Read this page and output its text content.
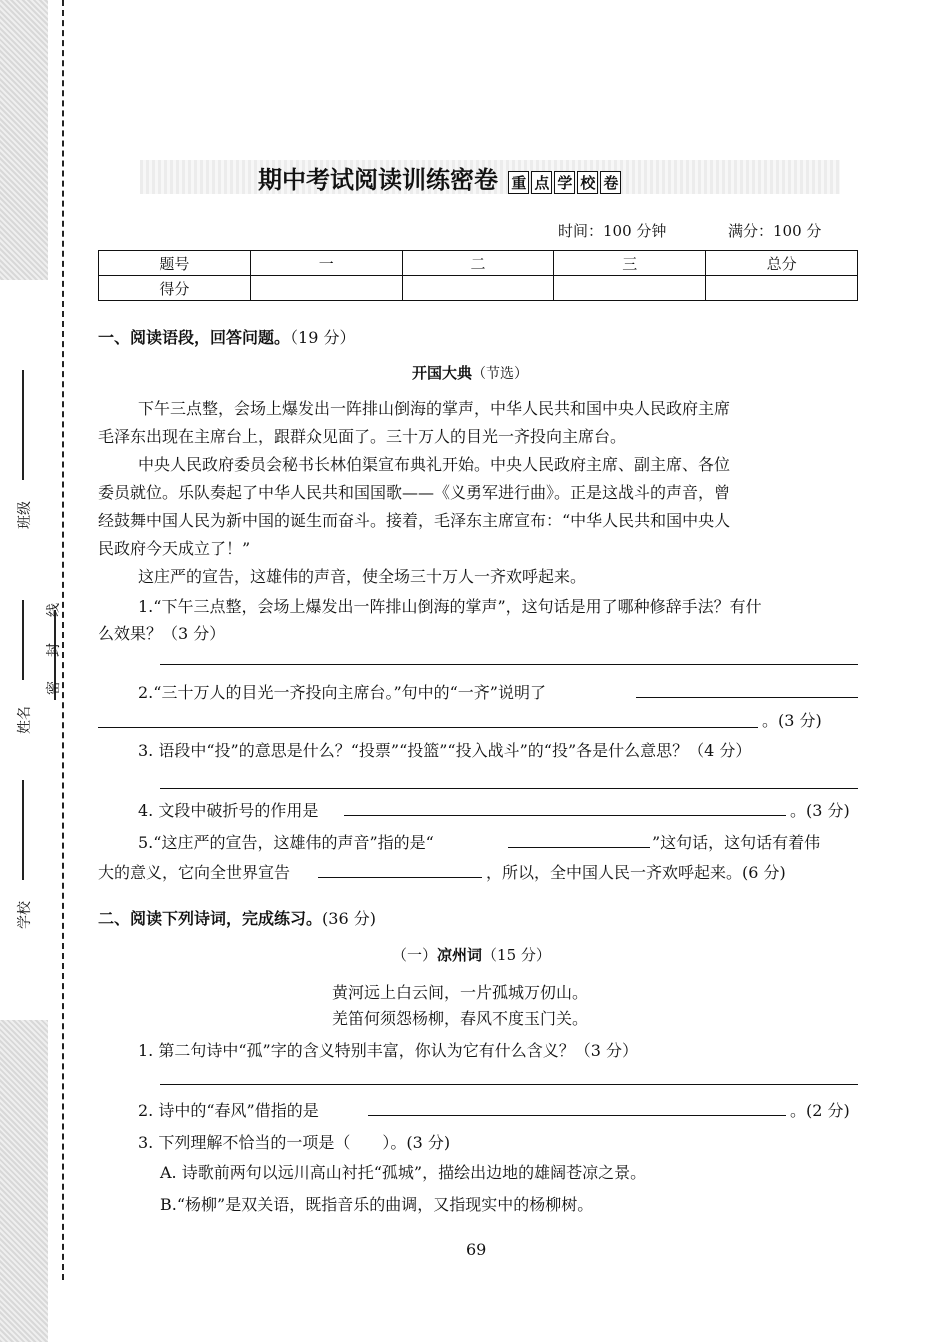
班级
姓名
学校
线
封
密
期中考试阅读训练密卷 重 点 学 校 卷
时间：100 分钟	满分：100 分
题号	一	二	三	总分
得分				
一、阅读语段，回答问题。（19 分）
开国大典（节选）
下午三点整，会场上爆发出一阵排山倒海的掌声，中华人民共和国中央人民政府主席
毛泽东出现在主席台上，跟群众见面了。三十万人的目光一齐投向主席台。
中央人民政府委员会秘书长林伯渠宣布典礼开始。中央人民政府主席、副主席、各位
委员就位。乐队奏起了中华人民共和国国歌——《义勇军进行曲》。正是这战斗的声音，曾
经鼓舞中国人民为新中国的诞生而奋斗。接着，毛泽东主席宣布：“中华人民共和国中央人
民政府今天成立了！”
这庄严的宣告，这雄伟的声音，使全场三十万人一齐欢呼起来。
1.“下午三点整，会场上爆发出一阵排山倒海的掌声”，这句话是用了哪种修辞手法？有什
么效果？（3 分）
2.“三十万人的目光一齐投向主席台。”句中的“一齐”说明了
。(3 分)
3. 语段中“投”的意思是什么？“投票”“投篮”“投入战斗”的“投”各是什么意思？（4 分）
4. 文段中破折号的作用是	。(3 分)
5.“这庄严的宣告，这雄伟的声音”指的是“	”这句话，这句话有着伟
大的意义，它向全世界宣告	，所以，全中国人民一齐欢呼起来。(6 分)
二、阅读下列诗词，完成练习。(36 分)
（一）凉州词（15 分）
黄河远上白云间，一片孤城万仞山。
羌笛何须怨杨柳，春风不度玉门关。
1. 第二句诗中“孤”字的含义特别丰富，你认为它有什么含义？（3 分）
2. 诗中的“春风”借指的是	。(2 分)
3. 下列理解不恰当的一项是（　　）。(3 分)
A. 诗歌前两句以远川高山衬托“孤城”，描绘出边地的雄阔苍凉之景。
B.“杨柳”是双关语，既指音乐的曲调，又指现实中的杨柳树。
69
